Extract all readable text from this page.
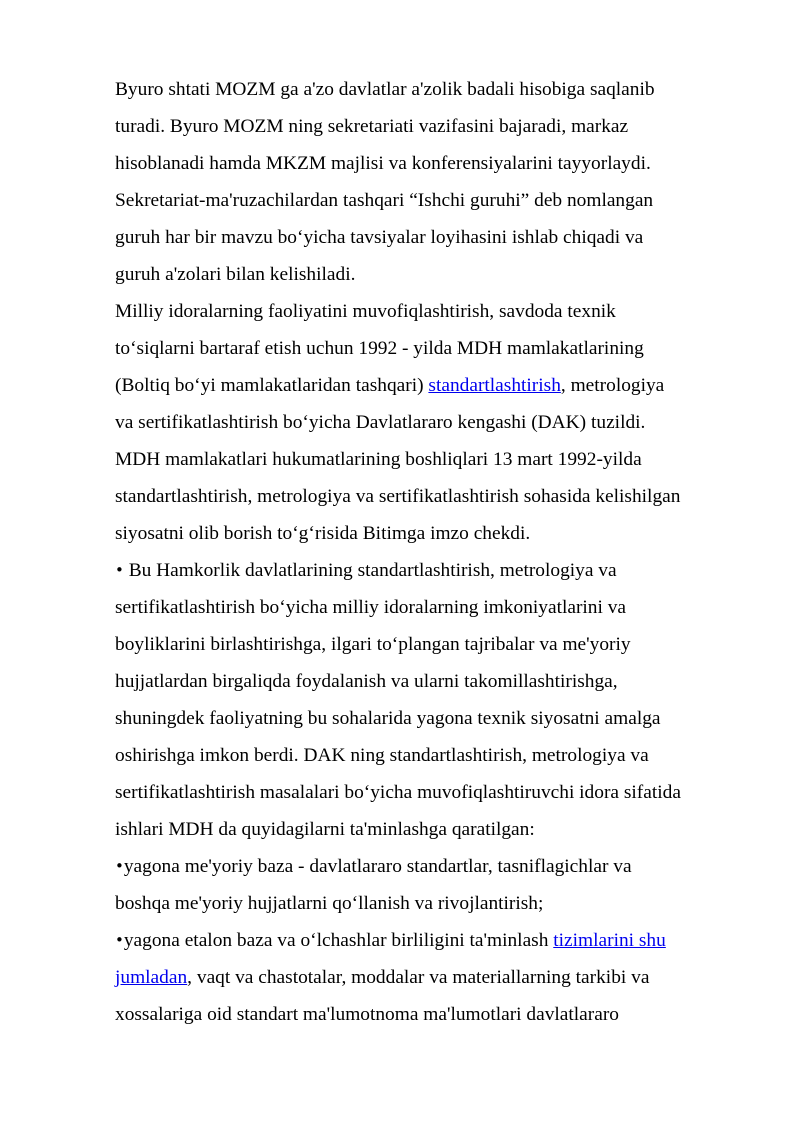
Byuro shtati MOZM ga a'zo davlatlar a'zolik badali hisobiga saqlanib
turadi. Byuro MOZM ning sekretariati vazifasini bajaradi, markaz
hisoblanadi hamda MKZM majlisi va konferensiyalarini tayyorlaydi.
Sekretariat-ma'ruzachilardan tashqari “Ishchi guruhi” deb nomlangan
guruh har bir mavzu bo‘yicha tavsiyalar loyihasini ishlab chiqadi va
guruh a'zolari bilan kelishiladi.
Milliy idoralarning faoliyatini muvofiqlashtirish, savdoda texnik
to‘siqlarni bartaraf etish uchun 1992 - yilda MDH mamlakatlarining
(Boltiq bo‘yi mamlakatlaridan tashqari) standartlashtirish, metrologiya
va sertifikatlashtirish bo‘yicha Davlatlararo kengashi (DAK) tuzildi.
MDH mamlakatlari hukumatlarining boshliqlari 13 mart 1992-yilda
standartlashtirish, metrologiya va sertifikatlashtirish sohasida kelishilgan
siyosatni olib borish to‘g‘risida Bitimga imzo chekdi.
• Bu Hamkorlik davlatlarining standartlashtirish, metrologiya va
sertifikatlashtirish bo‘yicha milliy idoralarning imkoniyatlarini va
boyliklarini birlashtirishga, ilgari to‘plangan tajribalar va me'yoriy
hujjatlardan birgaliqda foydalanish va ularni takomillashtirishga,
shuningdek faoliyatning bu sohalarida yagona texnik siyosatni amalga
oshirishga imkon berdi. DAK ning standartlashtirish, metrologiya va
sertifikatlashtirish masalalari bo‘yicha muvofiqlashtiruvchi idora sifatida
ishlari MDH da quyidagilarni ta'minlashga qaratilgan:
•yagona me'yoriy baza - davlatlararo standartlar, tasniflagichlar va
boshqa me'yoriy hujjatlarni qo‘llanish va rivojlantirish;
•yagona etalon baza va o‘lchashlar birliligini ta'minlash tizimlarini shu
jumladan, vaqt va chastotalar, moddalar va materiallarning tarkibi va
xossalariga oid standart ma'lumotnoma ma'lumotlari davlatlararo
